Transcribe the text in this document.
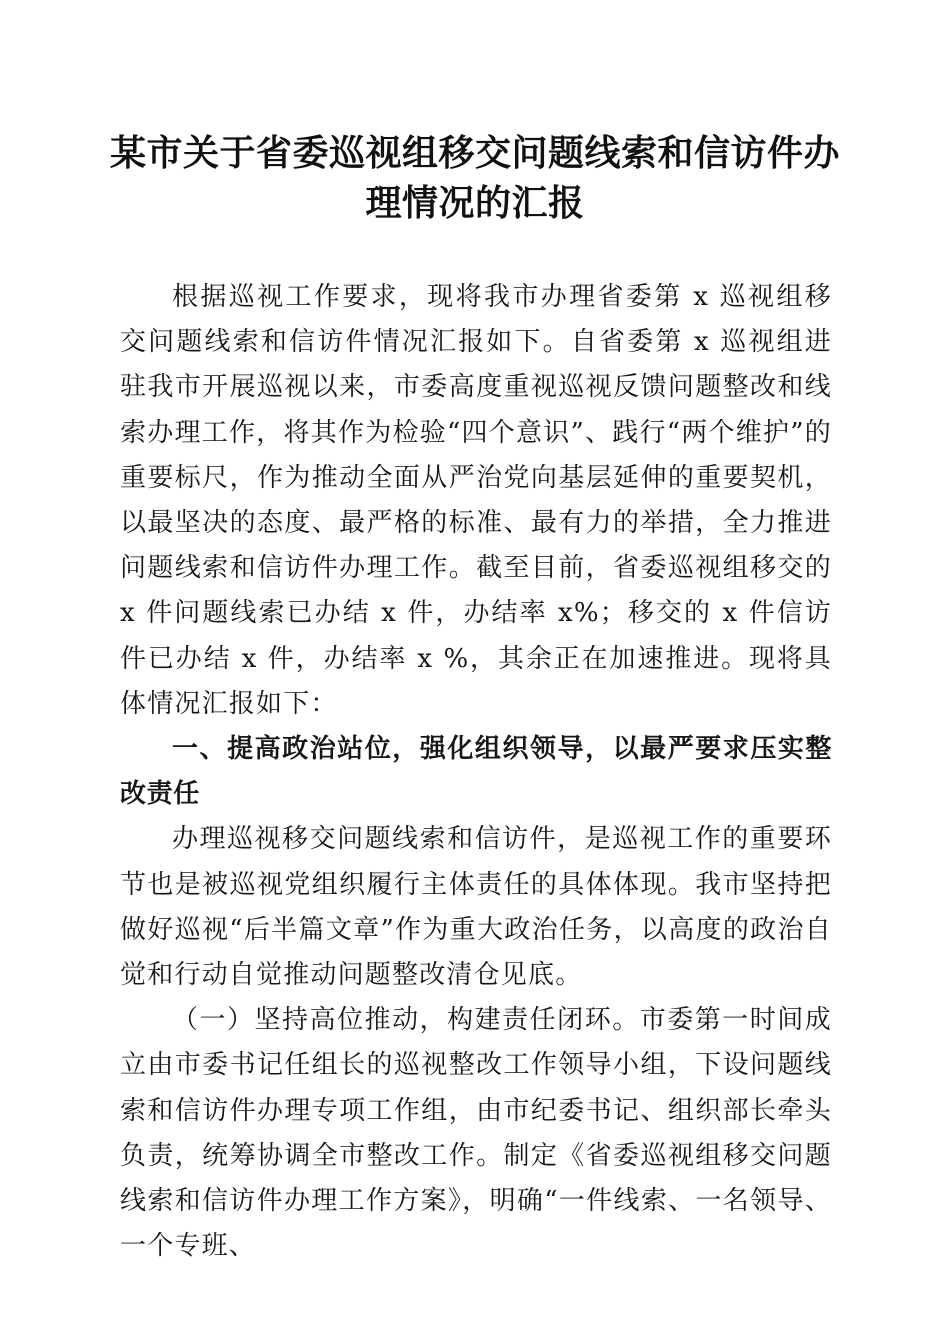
某市关于省委巡视组移交问题线索和信访件办理情况的汇报

根据巡视工作要求，现将我市办理省委第 x 巡视组移交问题线索和信访件情况汇报如下。自省委第 x 巡视组进驻我市开展巡视以来，市委高度重视巡视反馈问题整改和线索办理工作，将其作为检验“四个意识”、践行“两个维护”的重要标尺，作为推动全面从严治党向基层延伸的重要契机，以最坚决的态度、最严格的标准、最有力的举措，全力推进问题线索和信访件办理工作。截至目前，省委巡视组移交的 x 件问题线索已办结 x 件，办结率 x%；移交的 x 件信访件已办结 x 件，办结率 x %，其余正在加速推进。现将具体情况汇报如下：

一、提高政治站位，强化组织领导，以最严要求压实整改责任

办理巡视移交问题线索和信访件，是巡视工作的重要环节也是被巡视党组织履行主体责任的具体体现。我市坚持把做好巡视“后半篇文章”作为重大政治任务，以高度的政治自觉和行动自觉推动问题整改清仓见底。

（一）坚持高位推动，构建责任闭环。市委第一时间成立由市委书记任组长的巡视整改工作领导小组，下设问题线索和信访件办理专项工作组，由市纪委书记、组织部长牵头负责，统筹协调全市整改工作。制定《省委巡视组移交问题线索和信访件办理工作方案》，明确“一件线索、一名领导、一个专班、
